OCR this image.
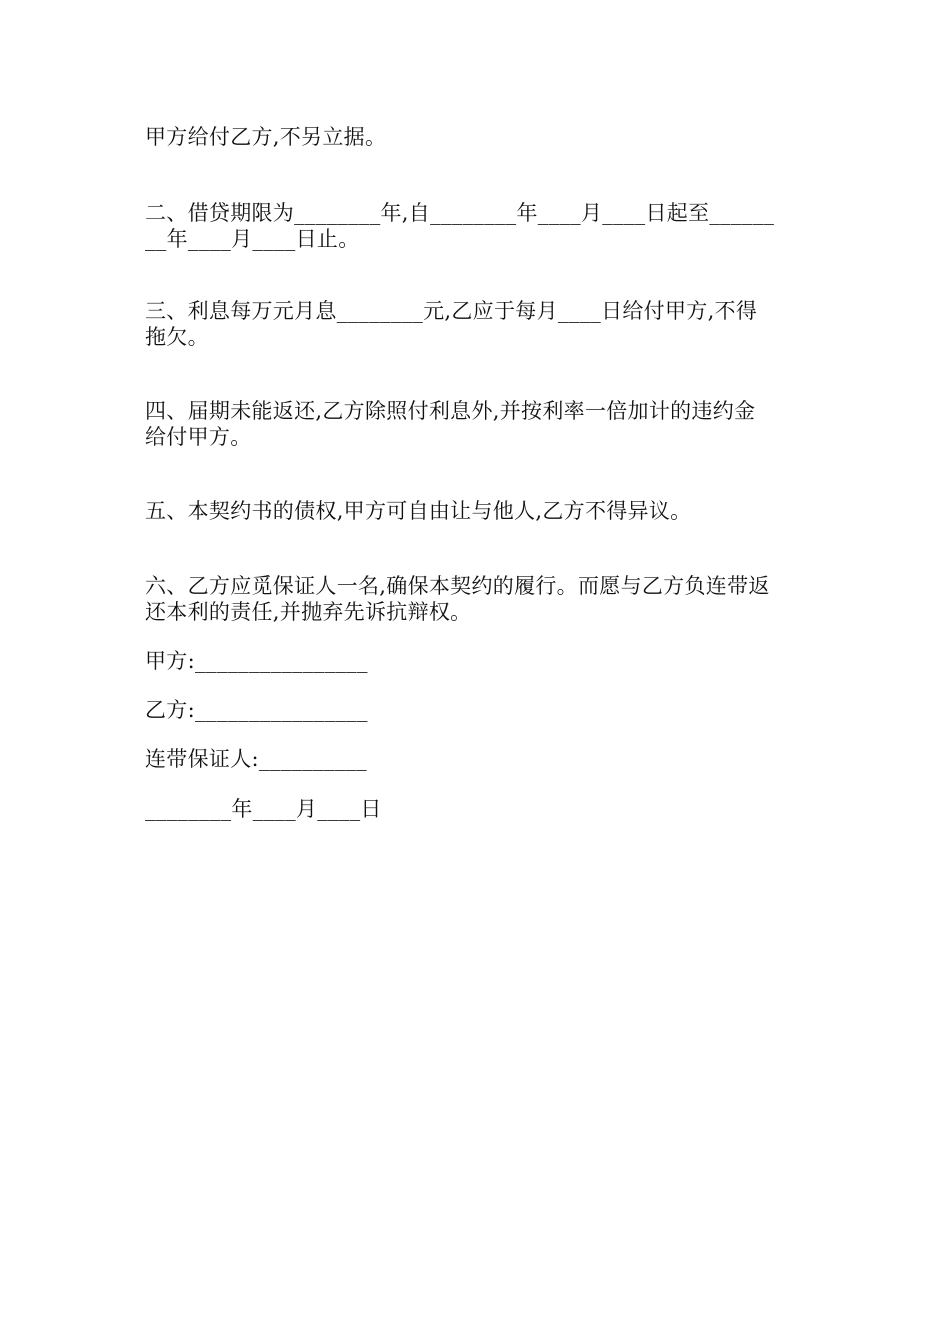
甲方给付乙方,不另立据。
二、借贷期限为________年,自________年____月____日起至______
__年____月____日止。
三、利息每万元月息________元,乙应于每月____日给付甲方,不得
拖欠。
四、届期未能返还,乙方除照付利息外,并按利率一倍加计的违约金
给付甲方。
五、本契约书的债权,甲方可自由让与他人,乙方不得异议。
六、乙方应觅保证人一名,确保本契约的履行。而愿与乙方负连带返
还本利的责任,并抛弃先诉抗辩权。
甲方:________________
乙方:________________
连带保证人:__________
________年____月____日
